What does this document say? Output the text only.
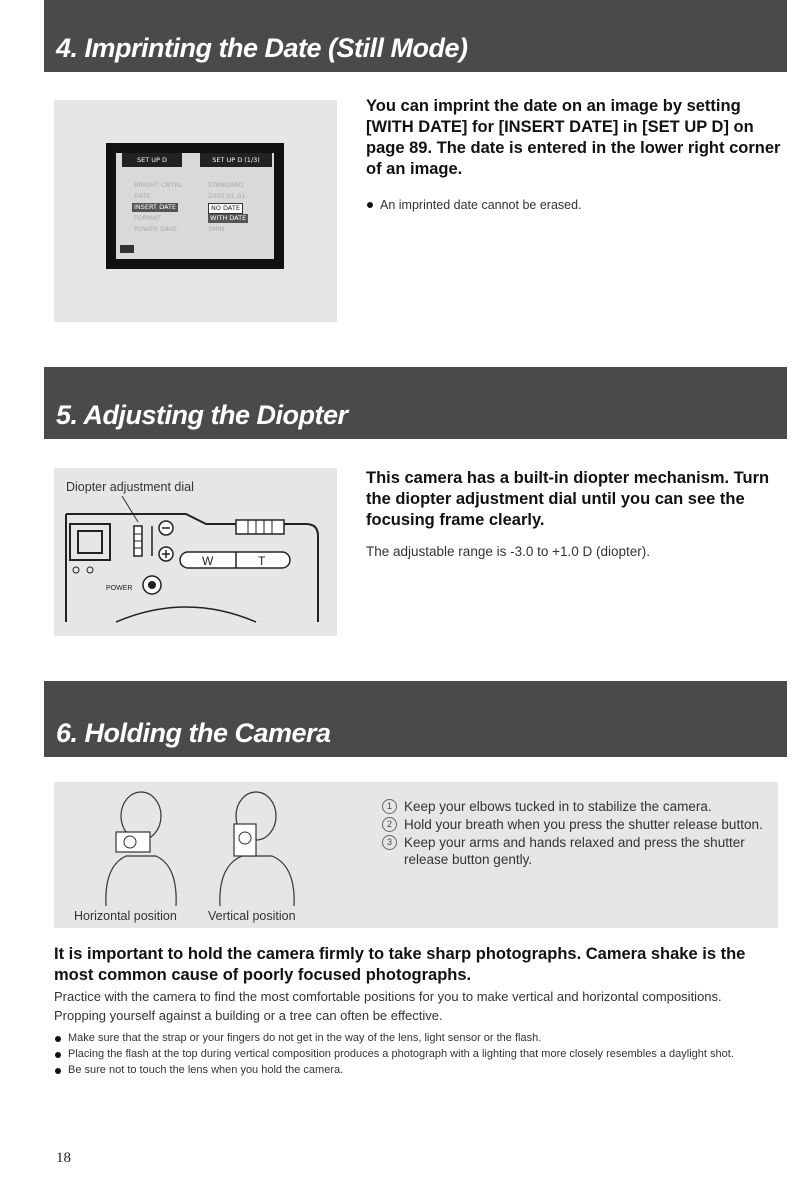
4. Imprinting the Date (Still Mode)
SET UP D	SET UP D (1/3)
BRIGHT CNTRL
DATE
INSERT DATE
FORMAT
POWER SAVE
STANDARD
2002.01.01
NO DATE
WITH DATE
3MIN
You can imprint the date on an image by setting [WITH DATE] for [INSERT DATE] in [SET UP D] on page 89. The date is entered in the lower right corner of an image.
An imprinted date cannot be erased.
5. Adjusting the Diopter
Diopter adjustment dial
W	T
POWER
This camera has a built-in diopter mechanism. Turn the diopter adjustment dial until you can see the focusing frame clearly.
The adjustable range is -3.0 to +1.0 D (diopter).
6. Holding the Camera
Horizontal position Vertical position
1 Keep your elbows tucked in to stabilize the camera.
2 Hold your breath when you press the shutter release button.
3 Keep your arms and hands relaxed and press the shutter release button gently.
It is important to hold the camera firmly to take sharp photographs. Camera shake is the most common cause of poorly focused photographs.
Practice with the camera to find the most comfortable positions for you to make vertical and horizontal compositions. Propping yourself against a building or a tree can often be effective.
Make sure that the strap or your fingers do not get in the way of the lens, light sensor or the flash.
Placing the flash at the top during vertical composition produces a photograph with a lighting that more closely resembles a daylight shot.
Be sure not to touch the lens when you hold the camera.
18
